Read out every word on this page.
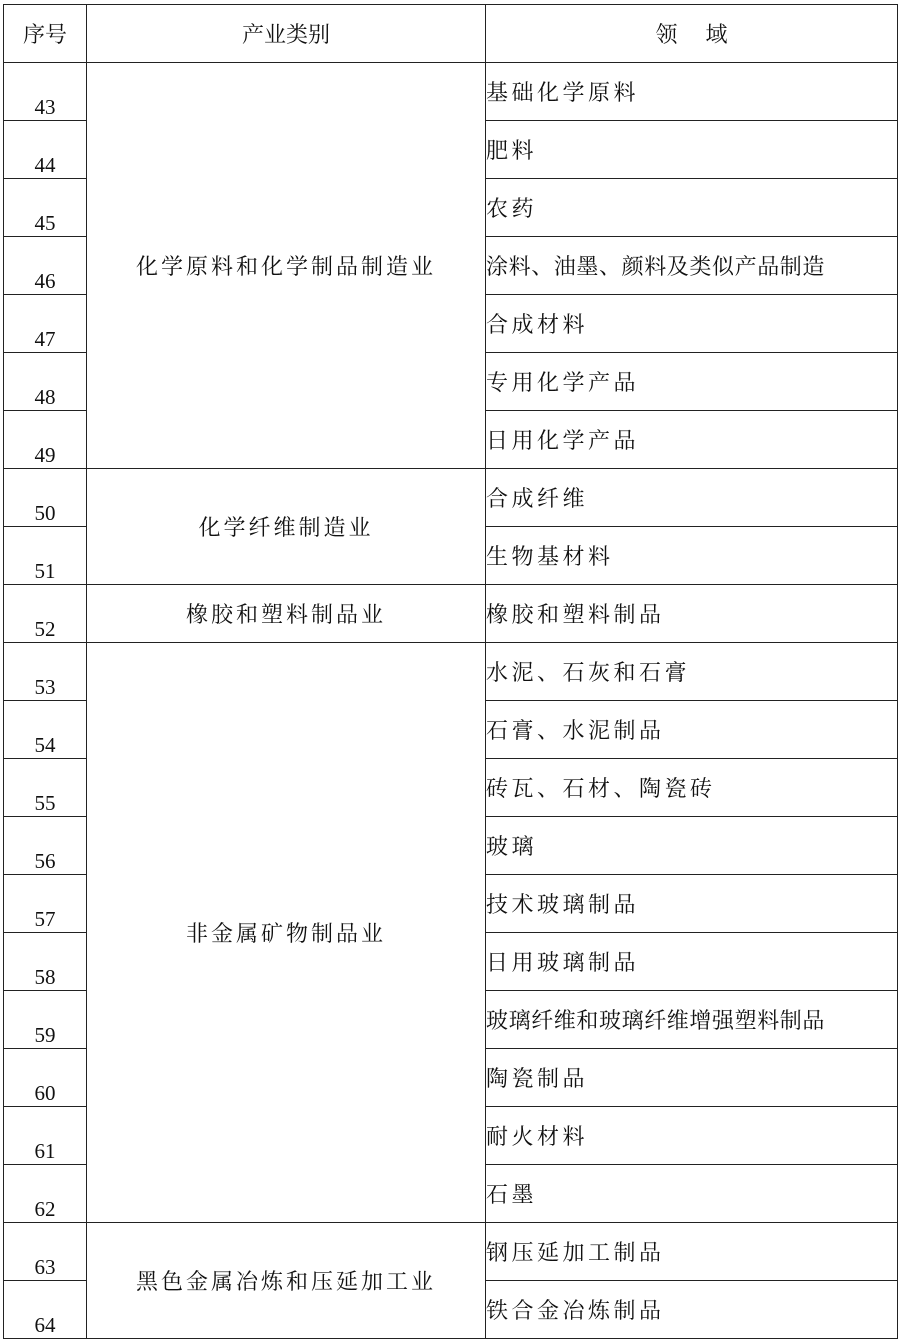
序号	产业类别	领域
43	化学原料和化学制品制造业	基础化学原料
44		肥料
45		农药
46		涂料、油墨、颜料及类似产品制造
47		合成材料
48		专用化学产品
49		日用化学产品
50	化学纤维制造业	合成纤维
51		生物基材料
52	橡胶和塑料制品业	橡胶和塑料制品
53	非金属矿物制品业	水泥、石灰和石膏
54		石膏、水泥制品
55		砖瓦、石材、陶瓷砖
56		玻璃
57		技术玻璃制品
58		日用玻璃制品
59		玻璃纤维和玻璃纤维增强塑料制品
60		陶瓷制品
61		耐火材料
62		石墨
63	黑色金属冶炼和压延加工业	钢压延加工制品
64		铁合金冶炼制品
